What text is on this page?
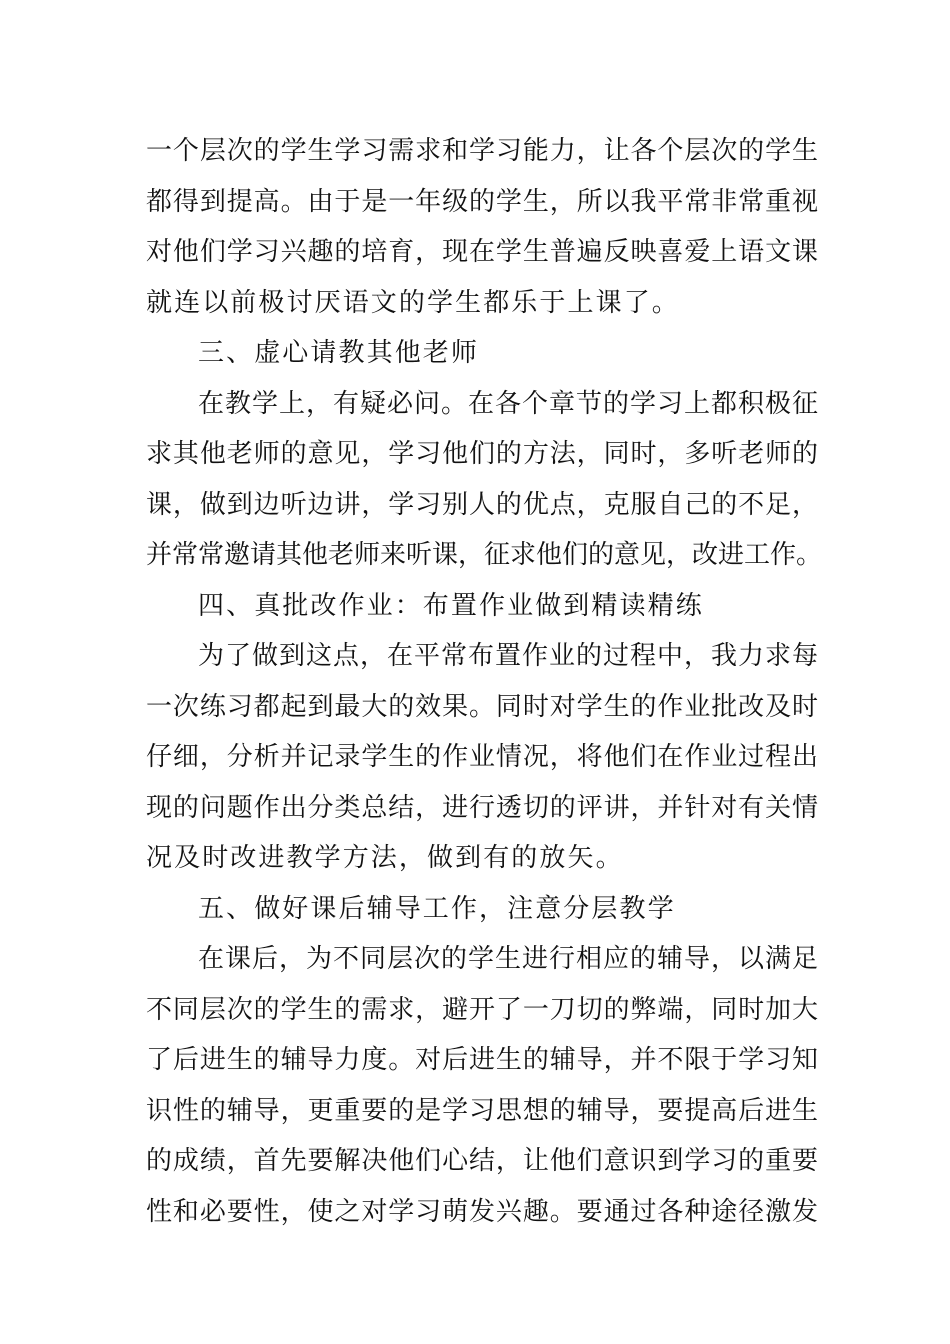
一个层次的学生学习需求和学习能力，让各个层次的学生
都得到提高。由于是一年级的学生，所以我平常非常重视
对他们学习兴趣的培育，现在学生普遍反映喜爱上语文课
就连以前极讨厌语文的学生都乐于上课了。
三、虚心请教其他老师
在教学上，有疑必问。在各个章节的学习上都积极征
求其他老师的意见，学习他们的方法，同时，多听老师的
课，做到边听边讲，学习别人的优点，克服自己的不足，
并常常邀请其他老师来听课，征求他们的意见，改进工作。
四、真批改作业：布置作业做到精读精练
为了做到这点，在平常布置作业的过程中，我力求每
一次练习都起到最大的效果。同时对学生的作业批改及时
仔细，分析并记录学生的作业情况，将他们在作业过程出
现的问题作出分类总结，进行透切的评讲，并针对有关情
况及时改进教学方法，做到有的放矢。
五、做好课后辅导工作，注意分层教学
在课后，为不同层次的学生进行相应的辅导，以满足
不同层次的学生的需求，避开了一刀切的弊端，同时加大
了后进生的辅导力度。对后进生的辅导，并不限于学习知
识性的辅导，更重要的是学习思想的辅导，要提高后进生
的成绩，首先要解决他们心结，让他们意识到学习的重要
性和必要性，使之对学习萌发兴趣。要通过各种途径激发
